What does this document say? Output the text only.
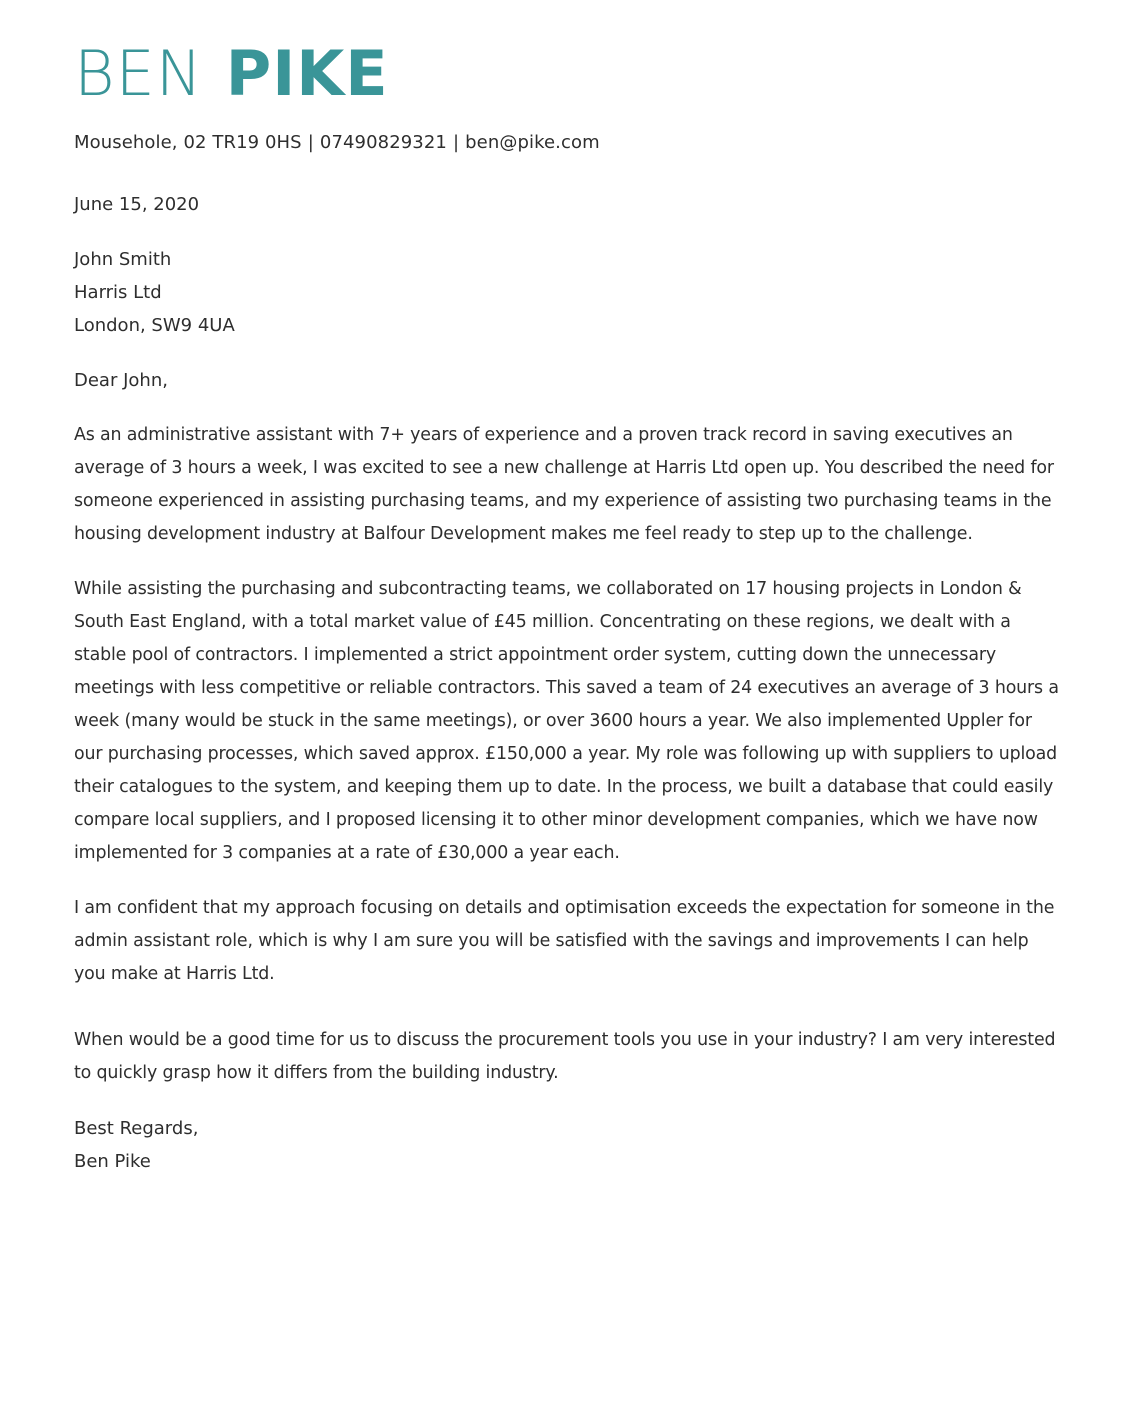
BEN PIKE
Mousehole, 02 TR19 0HS | 07490829321 | ben@pike.com
June 15, 2020
John Smith
Harris Ltd
London, SW9 4UA
Dear John,

As an administrative assistant with 7+ years of experience and a proven track record in saving executives an average of 3 hours a week, I was excited to see a new challenge at Harris Ltd open up. You described the need for someone experienced in assisting purchasing teams, and my experience of assisting two purchasing teams in the housing development industry at Balfour Development makes me feel ready to step up to the challenge.

While assisting the purchasing and subcontracting teams, we collaborated on 17 housing projects in London & South East England, with a total market value of £45 million. Concentrating on these regions, we dealt with a stable pool of contractors. I implemented a strict appointment order system, cutting down the unnecessary meetings with less competitive or reliable contractors. This saved a team of 24 executives an average of 3 hours a week (many would be stuck in the same meetings), or over 3600 hours a year. We also implemented Uppler for our purchasing processes, which saved approx. £150,000 a year. My role was following up with suppliers to upload their catalogues to the system, and keeping them up to date. In the process, we built a database that could easily compare local suppliers, and I proposed licensing it to other minor development companies, which we have now implemented for 3 companies at a rate of £30,000 a year each.

I am confident that my approach focusing on details and optimisation exceeds the expectation for someone in the admin assistant role, which is why I am sure you will be satisfied with the savings and improvements I can help you make at Harris Ltd.

When would be a good time for us to discuss the procurement tools you use in your industry? I am very interested to quickly grasp how it differs from the building industry.

Best Regards,
Ben Pike
